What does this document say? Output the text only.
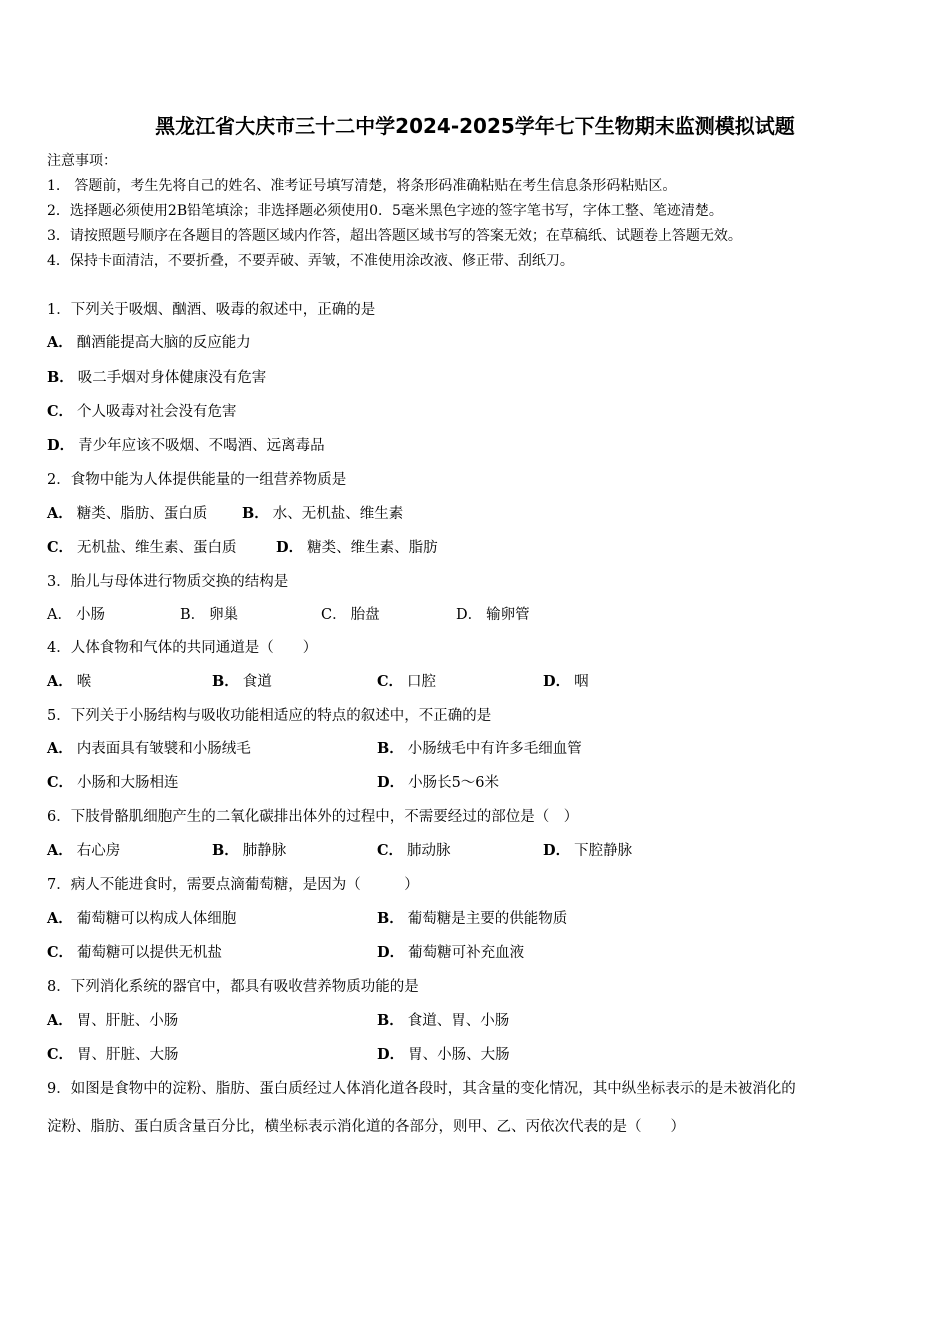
黑龙江省大庆市三十二中学2024-2025学年七下生物期末监测模拟试题
注意事项：
1.　答题前，考生先将自己的姓名、准考证号填写清楚，将条形码准确粘贴在考生信息条形码粘贴区。
2．选择题必须使用2B铅笔填涂；非选择题必须使用0．5毫米黑色字迹的签字笔书写，字体工整、笔迹清楚。
3．请按照题号顺序在各题目的答题区域内作答，超出答题区域书写的答案无效；在草稿纸、试题卷上答题无效。
4．保持卡面清洁，不要折叠，不要弄破、弄皱，不准使用涂改液、修正带、刮纸刀。
1．下列关于吸烟、酗酒、吸毒的叙述中，正确的是
A． 酗酒能提高大脑的反应能力
B． 吸二手烟对身体健康没有危害
C． 个人吸毒对社会没有危害
D． 青少年应该不吸烟、不喝酒、远离毒品
2．食物中能为人体提供能量的一组营养物质是
A． 糖类、脂肪、蛋白质 B． 水、无机盐、维生素
C． 无机盐、维生素、蛋白质	D． 糖类、维生素、脂肪
3．胎儿与母体进行物质交换的结构是
A． 小肠	B． 卵巢	C． 胎盘	D． 输卵管
4．人体食物和气体的共同通道是（　　）
A． 喉	B． 食道	C． 口腔	D． 咽
5．下列关于小肠结构与吸收功能相适应的特点的叙述中，不正确的是
A． 内表面具有皱襞和小肠绒毛	B． 小肠绒毛中有许多毛细血管
C． 小肠和大肠相连	D． 小肠长5～6米
6．下肢骨骼肌细胞产生的二氧化碳排出体外的过程中，不需要经过的部位是（　）
A． 右心房	B． 肺静脉	C． 肺动脉	D． 下腔静脉
7．病人不能进食时，需要点滴葡萄糖，是因为（　　　）
A． 葡萄糖可以构成人体细胞	B． 葡萄糖是主要的供能物质
C． 葡萄糖可以提供无机盐	D． 葡萄糖可补充血液
8．下列消化系统的器官中，都具有吸收营养物质功能的是
A． 胃、肝脏、小肠	B． 食道、胃、小肠
C． 胃、肝脏、大肠	D． 胃、小肠、大肠
9．如图是食物中的淀粉、脂肪、蛋白质经过人体消化道各段时，其含量的变化情况，其中纵坐标表示的是未被消化的
淀粉、脂肪、蛋白质含量百分比，横坐标表示消化道的各部分，则甲、乙、丙依次代表的是（　　）
